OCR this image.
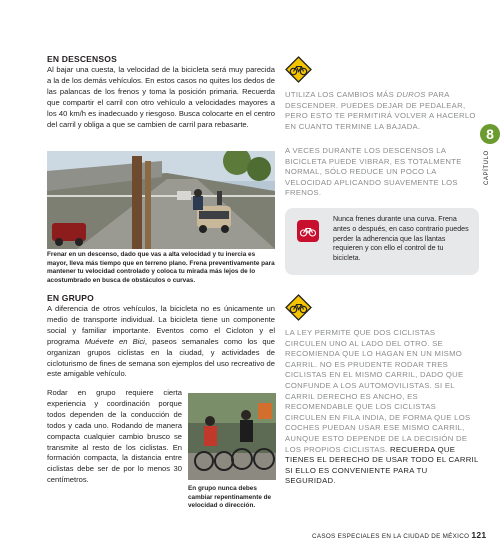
EN DESCENSOS
Al bajar una cuesta, la velocidad de la bicicleta será muy parecida a la de los demás vehículos. En estos casos no quites los dedos de las palancas de los frenos y toma la posición primaria. Recuerda que compartir el carril con otro vehículo a velocidades mayores a los 40 km/h es inadecuado y riesgoso. Busca colocarte en el centro del carril y obliga a que se cambien de carril para rebasarte.
Frenar en un descenso, dado que vas a alta velocidad y tu inercia es mayor, lleva más tiempo que en terreno plano. Frena preventivamente para mantener tu velocidad controlado y coloca tu mirada más lejos de lo acostumbrado en busca de obstáculos o curvas.
EN GRUPO
A diferencia de otros vehículos, la bicicleta no es únicamente un medio de transporte individual. La bicicleta tiene un componente social y familiar importante. Eventos como el Cicloton y el programa Muévete en Bici, paseos semanales como los que organizan grupos ciclistas en la ciudad, y actividades de cicloturismo de fines de semana son ejemplos del uso recreativo de este amigable vehículo.
Rodar en grupo requiere cierta experiencia y coordinación porque todos dependen de la conducción de todos y cada uno. Rodando de manera compacta cualquier cambio brusco se transmite al resto de los ciclistas. En formación compacta, la distancia entre ciclistas debe ser de por lo menos 30 centímetros.
En grupo nunca debes cambiar repentinamente de velocidad o dirección.
UTILIZA LOS CAMBIOS MÁS DUROS PARA DESCENDER. PUEDES DEJAR DE PEDALEAR, PERO ESTO TE PERMITIRÁ VOLVER A HACERLO EN CUANTO TERMINE LA BAJADA.
A VECES DURANTE LOS DESCENSOS LA BICICLETA PUEDE VIBRAR, ES TOTALMENTE NORMAL, SÓLO REDUCE UN POCO LA VELOCIDAD APLICANDO SUAVEMENTE LOS FRENOS.
Nunca frenes durante una curva. Frena antes o después, en caso contrario puedes perder la adherencia que las llantas requieren y con ello el control de tu bicicleta.
LA LEY PERMITE QUE DOS CICLISTAS CIRCULEN UNO AL LADO DEL OTRO. SE RECOMIENDA QUE LO HAGAN EN UN MISMO CARRIL. NO ES PRUDENTE RODAR TRES CICLISTAS EN EL MISMO CARRIL, DADO QUE CONFUNDE A LOS AUTOMOVILISTAS. SI EL CARRIL DERECHO ES ANCHO, ES RECOMENDABLE QUE LOS CICLISTAS CIRCULEN EN FILA INDIA, DE FORMA QUE LOS COCHES PUEDAN USAR ESE MISMO CARRIL, AUNQUE ESTO DEPENDE DE LA DECISIÓN DE LOS PROPIOS CICLISTAS. RECUERDA QUE TIENES EL DERECHO DE USAR TODO EL CARRIL SI ELLO ES CONVENIENTE PARA TU SEGURIDAD.
8
CAPÍTULO
CASOS ESPECIALES EN LA CIUDAD DE MÉXICO 121
